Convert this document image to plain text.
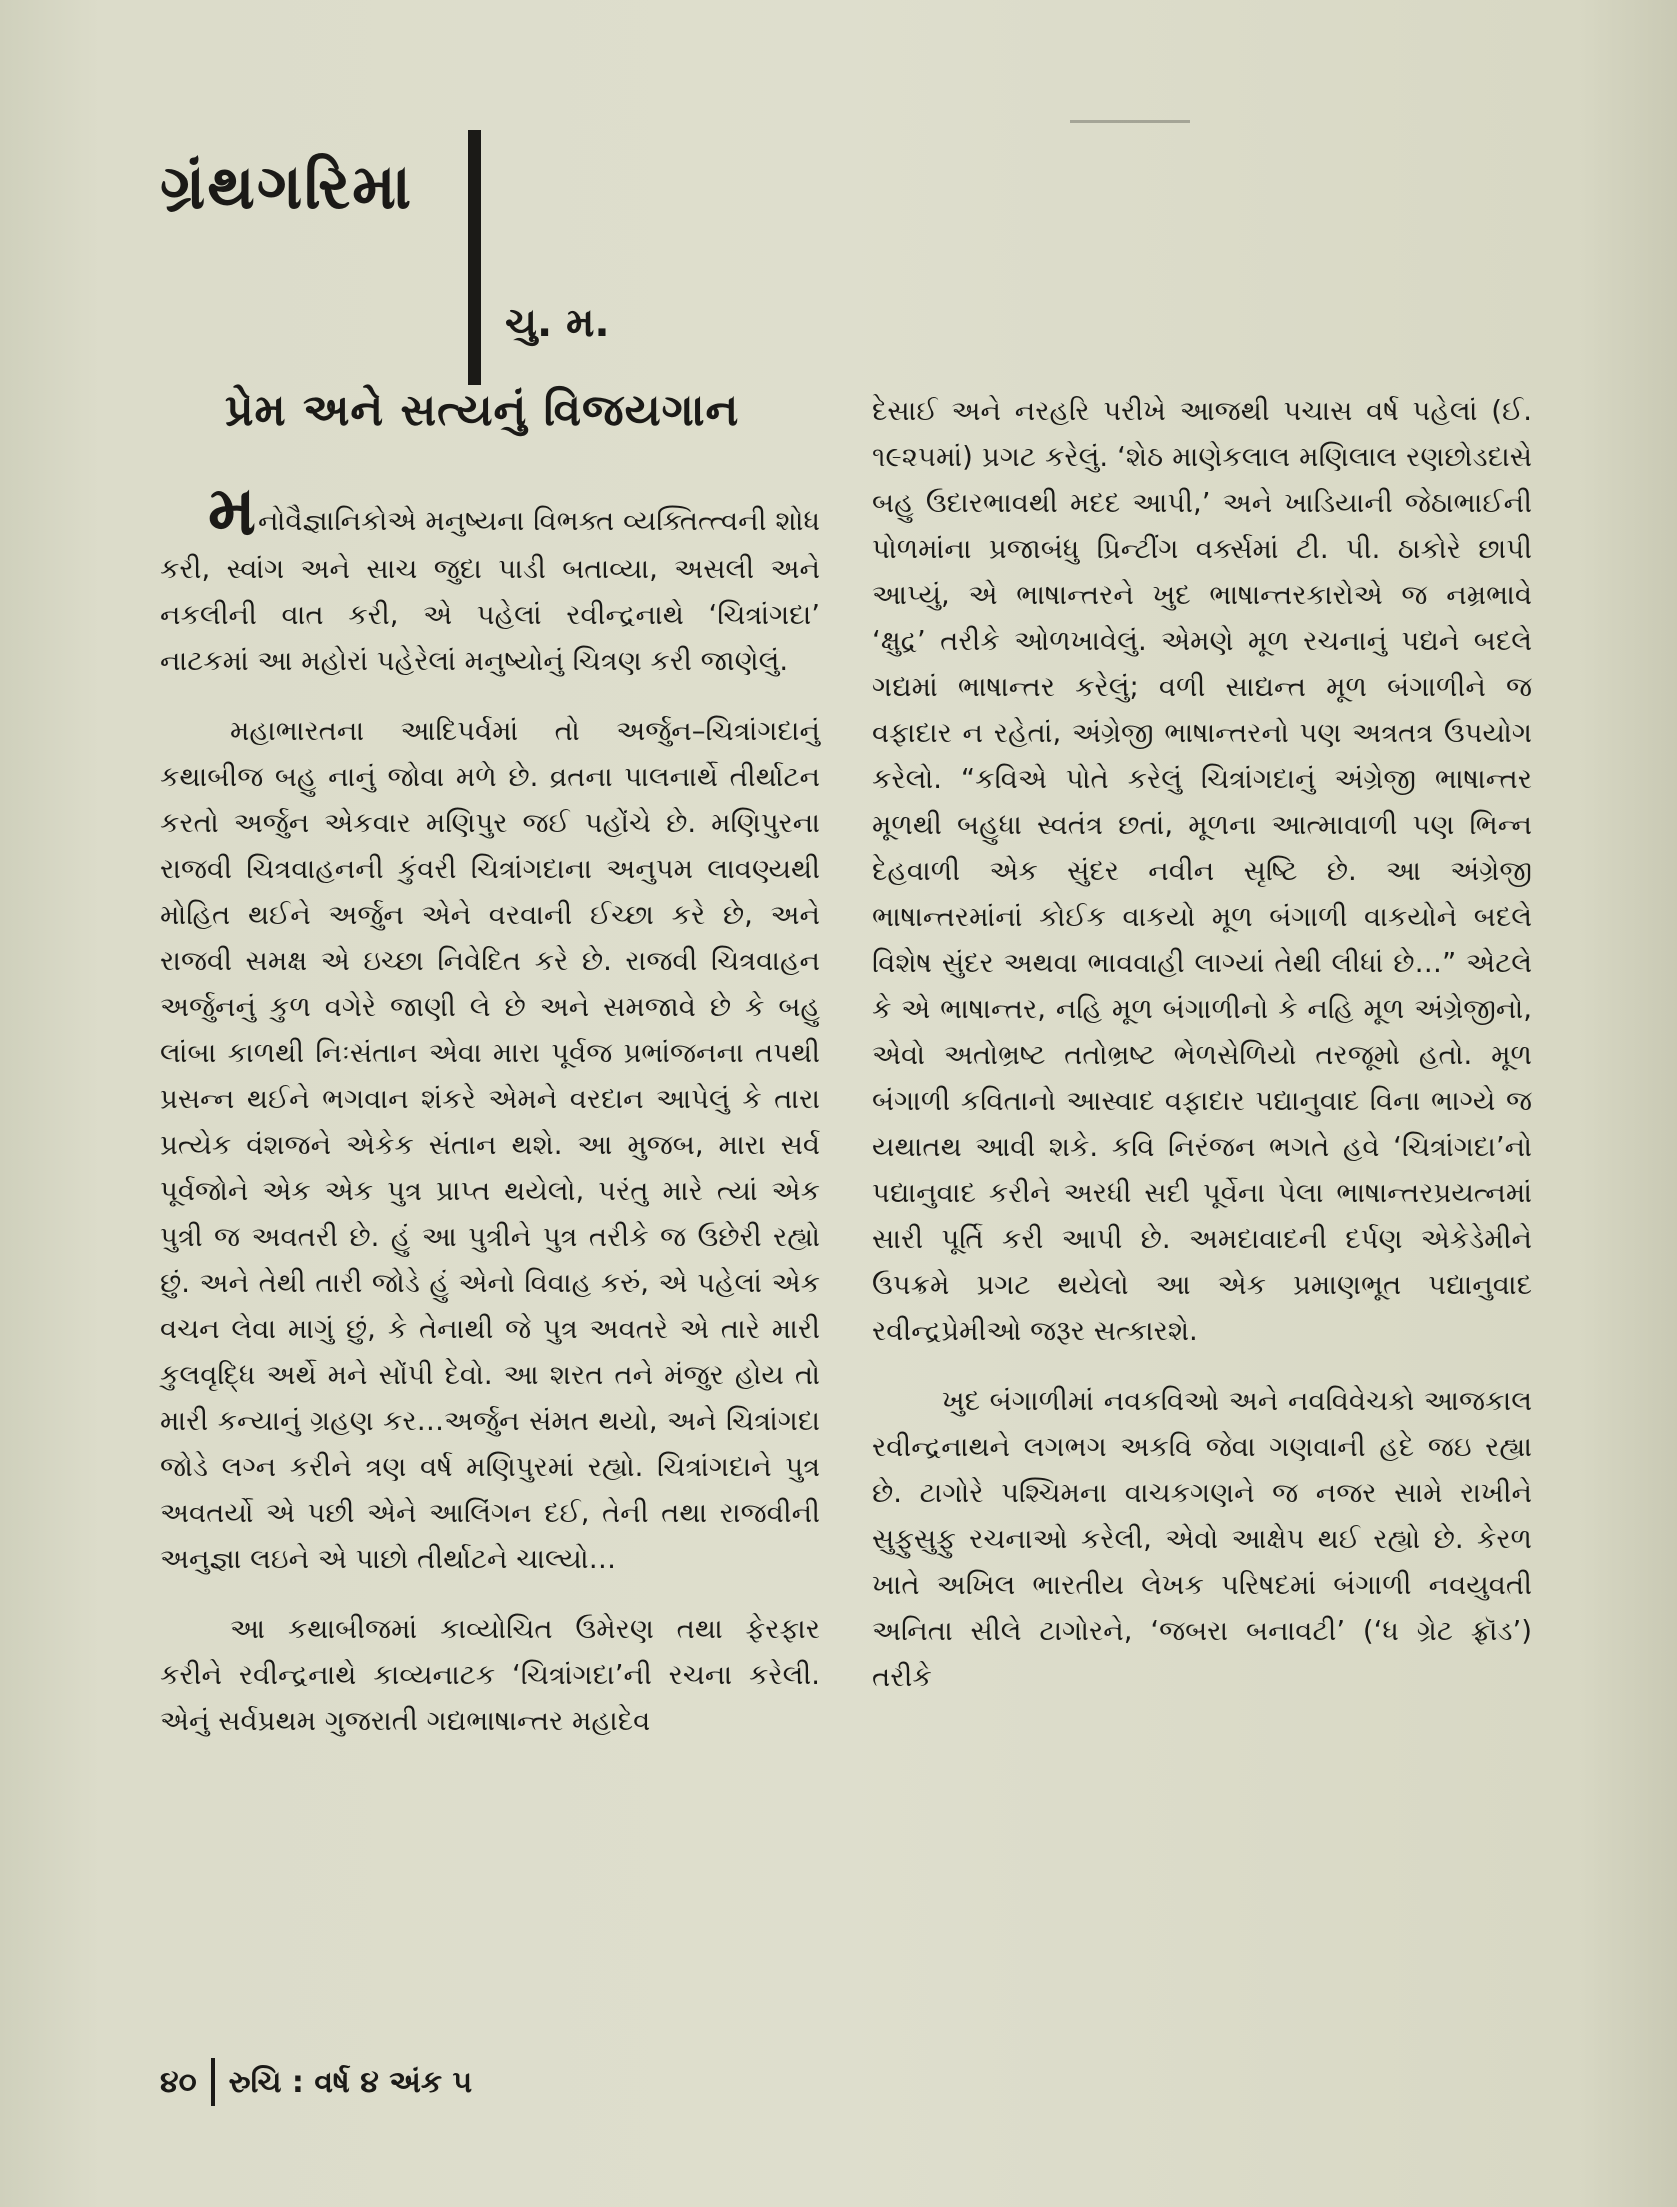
ગ્રંથગરિમા
ચુ. મ.
પ્રેમ અને સત્યનું વિજયગાન

મનોવૈજ્ઞાનિકોએ મનુષ્યના વિભક્ત વ્યક્તિત્ત્વની શોધ કરી, સ્વાંગ અને સાચ જુદા પાડી બતાવ્યા, અસલી અને નકલીની વાત કરી, એ પહેલાં રવીન્દ્રનાથે ‘ચિત્રાંગદા’ નાટકમાં આ મહોરાં પહેરેલાં મનુષ્યોનું ચિત્રણ કરી જાણેલું.

મહાભારતના આદિપર્વમાં તો અર્જુન–ચિત્રાંગદાનું કથાબીજ બહુ નાનું જોવા મળે છે. વ્રતના પાલનાર્થે તીર્થાટન કરતો અર્જુન એકવાર મણિપુર જઈ પહોંચે છે. મણિપુરના રાજવી ચિત્રવાહનની કુંવરી ચિત્રાંગદાના અનુપમ લાવણ્યથી મોહિત થઈને અર્જુન એને વરવાની ઈચ્છા કરે છે, અને રાજવી સમક્ષ એ ઇચ્છા નિવેદિત કરે છે. રાજવી ચિત્રવાહન અર્જુનનું કુળ વગેરે જાણી લે છે અને સમજાવે છે કે બહુ લાંબા કાળથી નિઃસંતાન એવા મારા પૂર્વજ પ્રભાંજનના તપથી પ્રસન્ન થઈને ભગવાન શંકરે એમને વરદાન આપેલું કે તારા પ્રત્યેક વંશજને એકેક સંતાન થશે. આ મુજબ, મારા સર્વ પૂર્વજોને એક એક પુત્ર પ્રાપ્ત થયેલો, પરંતુ મારે ત્યાં એક પુત્રી જ અવતરી છે. હું આ પુત્રીને પુત્ર તરીકે જ ઉછેરી રહ્યો છું. અને તેથી તારી જોડે હું એનો વિવાહ કરું, એ પહેલાં એક વચન લેવા માગું છું, કે તેનાથી જે પુત્ર અવતરે એ તારે મારી કુલવૃદ્ધિ અર્થે મને સોંપી દેવો. આ શરત તને મંજુર હોય તો મારી કન્યાનું ગ્રહણ કર…અર્જુન સંમત થયો, અને ચિત્રાંગદા જોડે લગ્ન કરીને ત્રણ વર્ષ મણિપુરમાં રહ્યો. ચિત્રાંગદાને પુત્ર અવતર્યો એ પછી એને આલિંગન દઈ, તેની તથા રાજવીની અનુજ્ઞા લઇને એ પાછો તીર્થાટને ચાલ્યો…

આ કથાબીજમાં કાવ્યોચિત ઉમેરણ તથા ફેરફાર કરીને રવીન્દ્રનાથે કાવ્યનાટક ‘ચિત્રાંગદા’ની રચના કરેલી. એનું સર્વપ્રથમ ગુજરાતી ગદ્યભાષાન્તર મહાદેવ

દેસાઈ અને નરહરિ પરીખે આજથી પચાસ વર્ષ પહેલાં (ઈ. ૧૯૨૫માં) પ્રગટ કરેલું. ‘શેઠ માણેકલાલ મણિલાલ રણછોડદાસે બહુ ઉદારભાવથી મદદ આપી,’ અને ખાડિયાની જેઠાભાઈની પોળમાંના પ્રજાબંધુ પ્રિન્ટીંગ વર્ક્સમાં ટી. પી. ઠાકોરે છાપી આપ્યું, એ ભાષાન્તરને ખુદ ભાષાન્તરકારોએ જ નમ્રભાવે ‘ક્ષુદ્ર’ તરીકે ઓળખાવેલું. એમણે મૂળ રચનાનું પદ્યને બદલે ગદ્યમાં ભાષાન્તર કરેલું; વળી સાદ્યન્ત મૂળ બંગાળીને જ વફાદાર ન રહેતાં, અંગ્રેજી ભાષાન્તરનો પણ અત્રતત્ર ઉપયોગ કરેલો. “કવિએ પોતે કરેલું ચિત્રાંગદાનું અંગ્રેજી ભાષાન્તર મૂળથી બહુધા સ્વતંત્ર છતાં, મૂળના આત્માવાળી પણ ભિન્ન દેહવાળી એક સુંદર નવીન સૃષ્ટિ છે. આ અંગ્રેજી ભાષાન્તરમાંનાં કોઈક વાકયો મૂળ બંગાળી વાકયોને બદલે વિશેષ સુંદર અથવા ભાવવાહી લાગ્યાં તેથી લીધાં છે…” એટલે કે એ ભાષાન્તર, નહિ મૂળ બંગાળીનો કે નહિ મૂળ અંગ્રેજીનો, એવો અતોભ્રષ્ટ તતોભ્રષ્ટ ભેળસેળિયો તરજૂમો હતો. મૂળ બંગાળી કવિતાનો આસ્વાદ વફાદાર પદ્યાનુવાદ વિના ભાગ્યે જ યથાતથ આવી શકે. કવિ નિરંજન ભગતે હવે ‘ચિત્રાંગદા’નો પદ્યાનુવાદ કરીને અરધી સદી પૂર્વેના પેલા ભાષાન્તરપ્રયત્નમાં સારી પૂર્તિ કરી આપી છે. અમદાવાદની દર્પણ એકેડેમીને ઉપક્રમે પ્રગટ થયેલો આ એક પ્રમાણભૂત પદ્યાનુવાદ રવીન્દ્રપ્રેમીઓ જરૂર સત્કારશે.

ખુદ બંગાળીમાં નવકવિઓ અને નવવિવેચકો આજકાલ રવીન્દ્રનાથને લગભગ અકવિ જેવા ગણવાની હદે જઇ રહ્યા છે. ટાગોરે પશ્ચિમના વાચકગણને જ નજર સામે રાખીને સુફુસુફુ રચનાઓ કરેલી, એવો આક્ષેપ થઈ રહ્યો છે. કેરળ ખાતે અખિલ ભારતીય લેખક પરિષદમાં બંગાળી નવયુવતી અનિતા સીલે ટાગોરને, ‘જબરા બનાવટી’ (‘ધ ગ્રેટ ફ્રૉડ’) તરીકે

૪૦ રુચિ : વર્ષ ૪ અંક ૫
